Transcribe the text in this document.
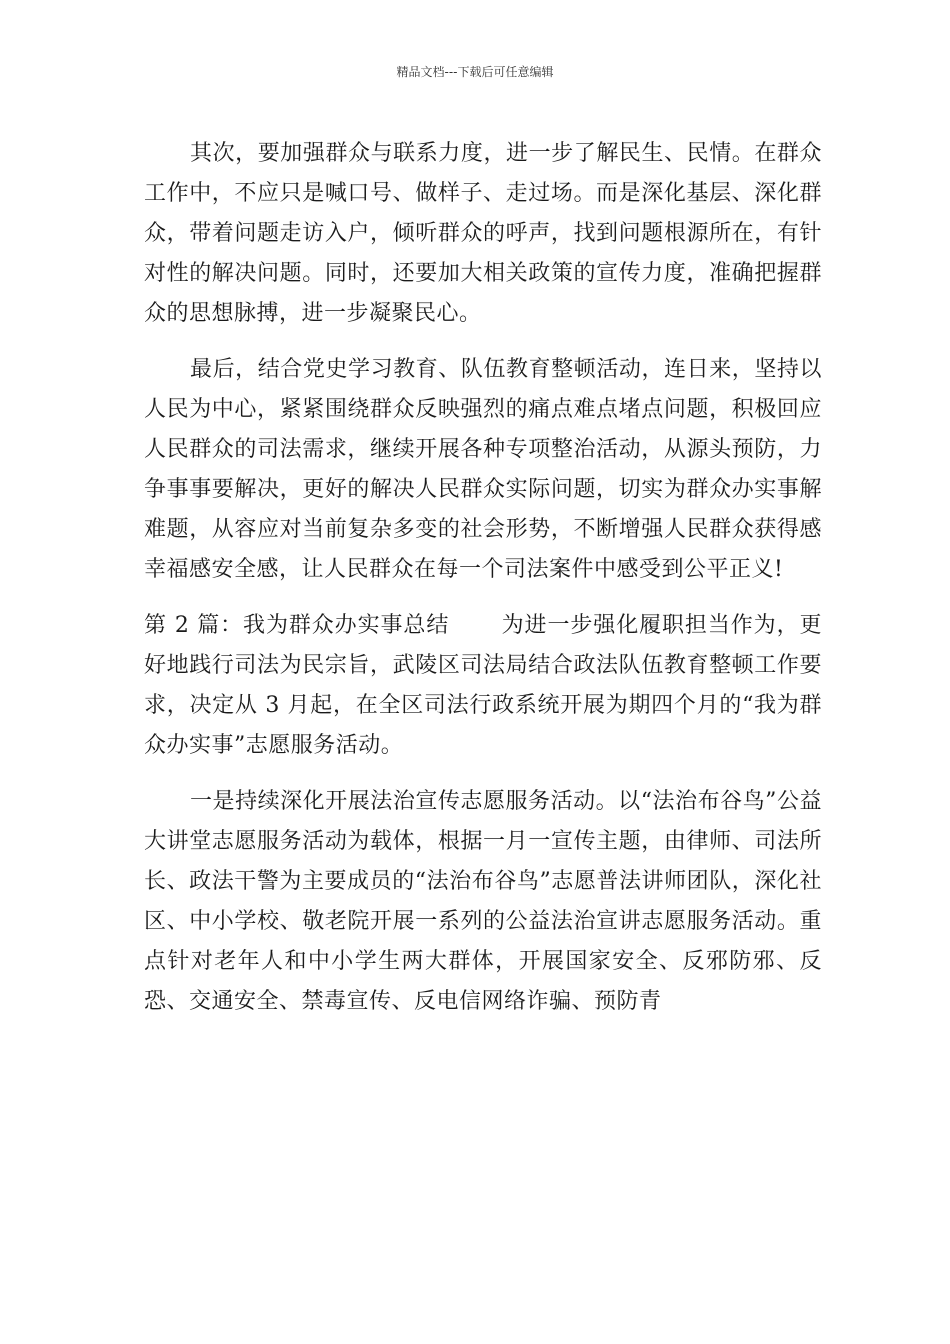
精品文档---下载后可任意编辑

其次，要加强群众与联系力度，进一步了解民生、民情。在群众工作中，不应只是喊口号、做样子、走过场。而是深化基层、深化群众，带着问题走访入户，倾听群众的呼声，找到问题根源所在，有针对性的解决问题。同时，还要加大相关政策的宣传力度，准确把握群众的思想脉搏，进一步凝聚民心。

最后，结合党史学习教育、队伍教育整顿活动，连日来，坚持以人民为中心，紧紧围绕群众反映强烈的痛点难点堵点问题，积极回应人民群众的司法需求，继续开展各种专项整治活动，从源头预防，力争事事要解决，更好的解决人民群众实际问题，切实为群众办实事解难题，从容应对当前复杂多变的社会形势，不断增强人民群众获得感幸福感安全感，让人民群众在每一个司法案件中感受到公平正义!

第 2 篇：我为群众办实事总结 为进一步强化履职担当作为，更好地践行司法为民宗旨，武陵区司法局结合政法队伍教育整顿工作要求，决定从 3 月起，在全区司法行政系统开展为期四个月的“我为群众办实事”志愿服务活动。

一是持续深化开展法治宣传志愿服务活动。以“法治布谷鸟”公益大讲堂志愿服务活动为载体，根据一月一宣传主题，由律师、司法所长、政法干警为主要成员的“法治布谷鸟”志愿普法讲师团队，深化社区、中小学校、敬老院开展一系列的公益法治宣讲志愿服务活动。重点针对老年人和中小学生两大群体，开展国家安全、反邪防邪、反恐、交通安全、禁毒宣传、反电信网络诈骗、预防青
